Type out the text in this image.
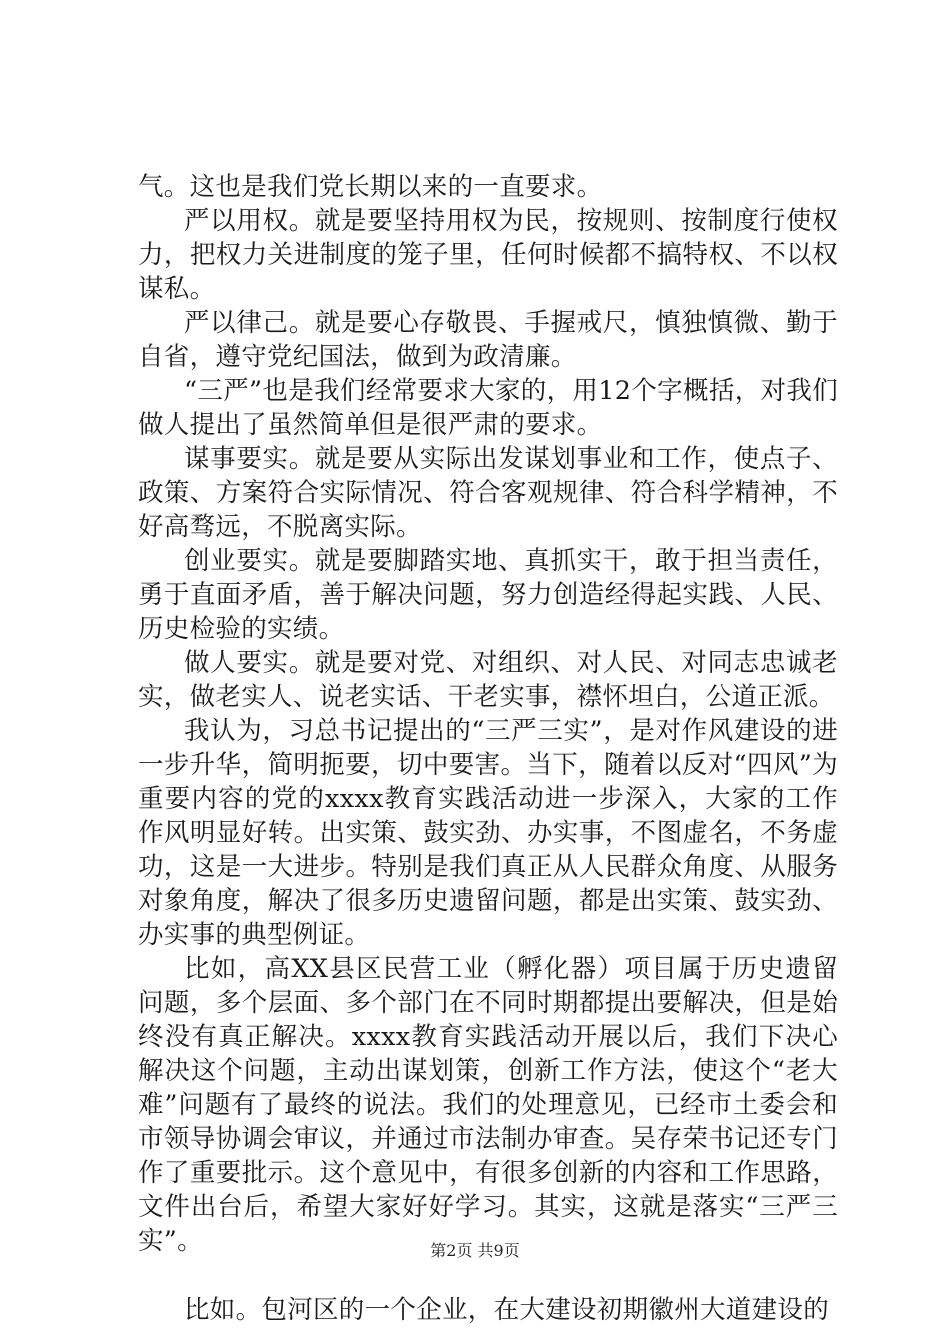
气。这也是我们党长期以来的一直要求。

严以用权。就是要坚持用权为民，按规则、按制度行使权力，把权力关进制度的笼子里，任何时候都不搞特权、不以权谋私。

严以律己。就是要心存敬畏、手握戒尺，慎独慎微、勤于自省，遵守党纪国法，做到为政清廉。

“三严”也是我们经常要求大家的，用12个字概括，对我们做人提出了虽然简单但是很严肃的要求。

谋事要实。就是要从实际出发谋划事业和工作，使点子、政策、方案符合实际情况、符合客观规律、符合科学精神，不好高骛远，不脱离实际。

创业要实。就是要脚踏实地、真抓实干，敢于担当责任，勇于直面矛盾，善于解决问题，努力创造经得起实践、人民、历史检验的实绩。

做人要实。就是要对党、对组织、对人民、对同志忠诚老实，做老实人、说老实话、干老实事，襟怀坦白，公道正派。

我认为，习总书记提出的“三严三实”，是对作风建设的进一步升华，简明扼要，切中要害。当下，随着以反对“四风”为重要内容的党的xxxx教育实践活动进一步深入，大家的工作作风明显好转。出实策、鼓实劲、办实事，不图虚名，不务虚功，这是一大进步。特别是我们真正从人民群众角度、从服务对象角度，解决了很多历史遗留问题，都是出实策、鼓实劲、办实事的典型例证。

比如，高XX县区民营工业（孵化器）项目属于历史遗留问题，多个层面、多个部门在不同时期都提出要解决，但是始终没有真正解决。xxxx教育实践活动开展以后，我们下决心解决这个问题，主动出谋划策，创新工作方法，使这个“老大难”问题有了最终的说法。我们的处理意见，已经市土委会和市领导协调会审议，并通过市法制办审查。吴存荣书记还专门作了重要批示。这个意见中，有很多创新的内容和工作思路，文件出台后，希望大家好好学习。其实，这就是落实“三严三实”。

比如。包河区的一个企业，在大建设初期徽州大道建设的

第2页 共9页
